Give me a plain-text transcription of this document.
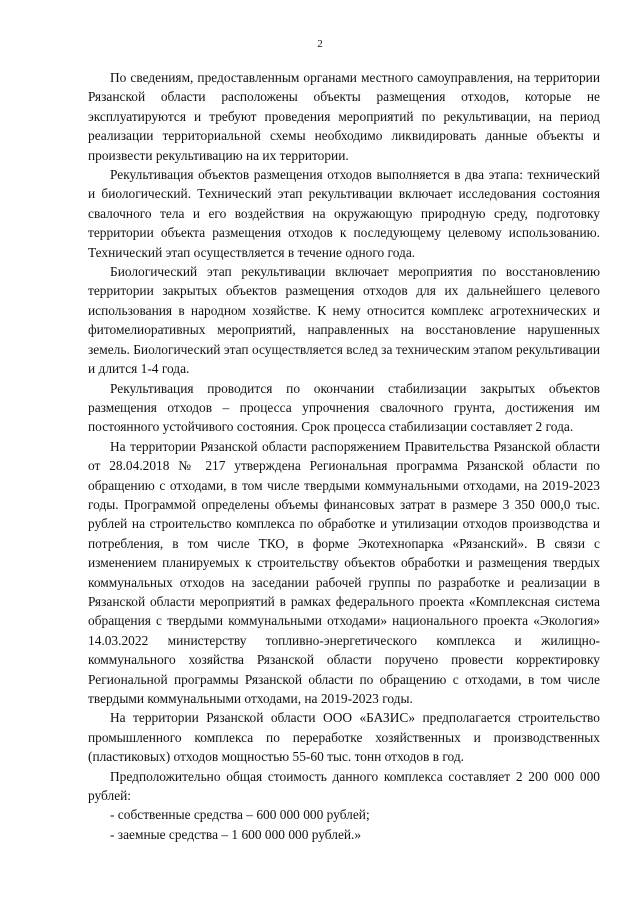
2

По сведениям, предоставленным органами местного самоуправления, на территории Рязанской области расположены объекты размещения отходов, которые не эксплуатируются и требуют проведения мероприятий по рекультивации, на период реализации территориальной схемы необходимо ликвидировать данные объекты и произвести рекультивацию на их территории.

Рекультивация объектов размещения отходов выполняется в два этапа: технический и биологический. Технический этап рекультивации включает исследования состояния свалочного тела и его воздействия на окружающую природную среду, подготовку территории объекта размещения отходов к последующему целевому использованию. Технический этап осуществляется в течение одного года.

Биологический этап рекультивации включает мероприятия по восстановлению территории закрытых объектов размещения отходов для их дальнейшего целевого использования в народном хозяйстве. К нему относится комплекс агротехнических и фитомелиоративных мероприятий, направленных на восстановление нарушенных земель. Биологический этап осуществляется вслед за техническим этапом рекультивации и длится 1-4 года.

Рекультивация проводится по окончании стабилизации закрытых объектов размещения отходов – процесса упрочнения свалочного грунта, достижения им постоянного устойчивого состояния. Срок процесса стабилизации составляет 2 года.

На территории Рязанской области распоряжением Правительства Рязанской области от 28.04.2018 № 217 утверждена Региональная программа Рязанской области по обращению с отходами, в том числе твердыми коммунальными отходами, на 2019-2023 годы. Программой определены объемы финансовых затрат в размере 3 350 000,0 тыс. рублей на строительство комплекса по обработке и утилизации отходов производства и потребления, в том числе ТКО, в форме Экотехнопарка «Рязанский». В связи с изменением планируемых к строительству объектов обработки и размещения твердых коммунальных отходов на заседании рабочей группы по разработке и реализации в Рязанской области мероприятий в рамках федерального проекта «Комплексная система обращения с твердыми коммунальными отходами» национального проекта «Экология» 14.03.2022 министерству топливно-энергетического комплекса и жилищно-коммунального хозяйства Рязанской области поручено провести корректировку Региональной программы Рязанской области по обращению с отходами, в том числе твердыми коммунальными отходами, на 2019-2023 годы.

На территории Рязанской области ООО «БАЗИС» предполагается строительство промышленного комплекса по переработке хозяйственных и производственных (пластиковых) отходов мощностью 55-60 тыс. тонн отходов в год.

Предположительно общая стоимость данного комплекса составляет 2 200 000 000 рублей:

- собственные средства – 600 000 000 рублей;

- заемные средства – 1 600 000 000 рублей.»
